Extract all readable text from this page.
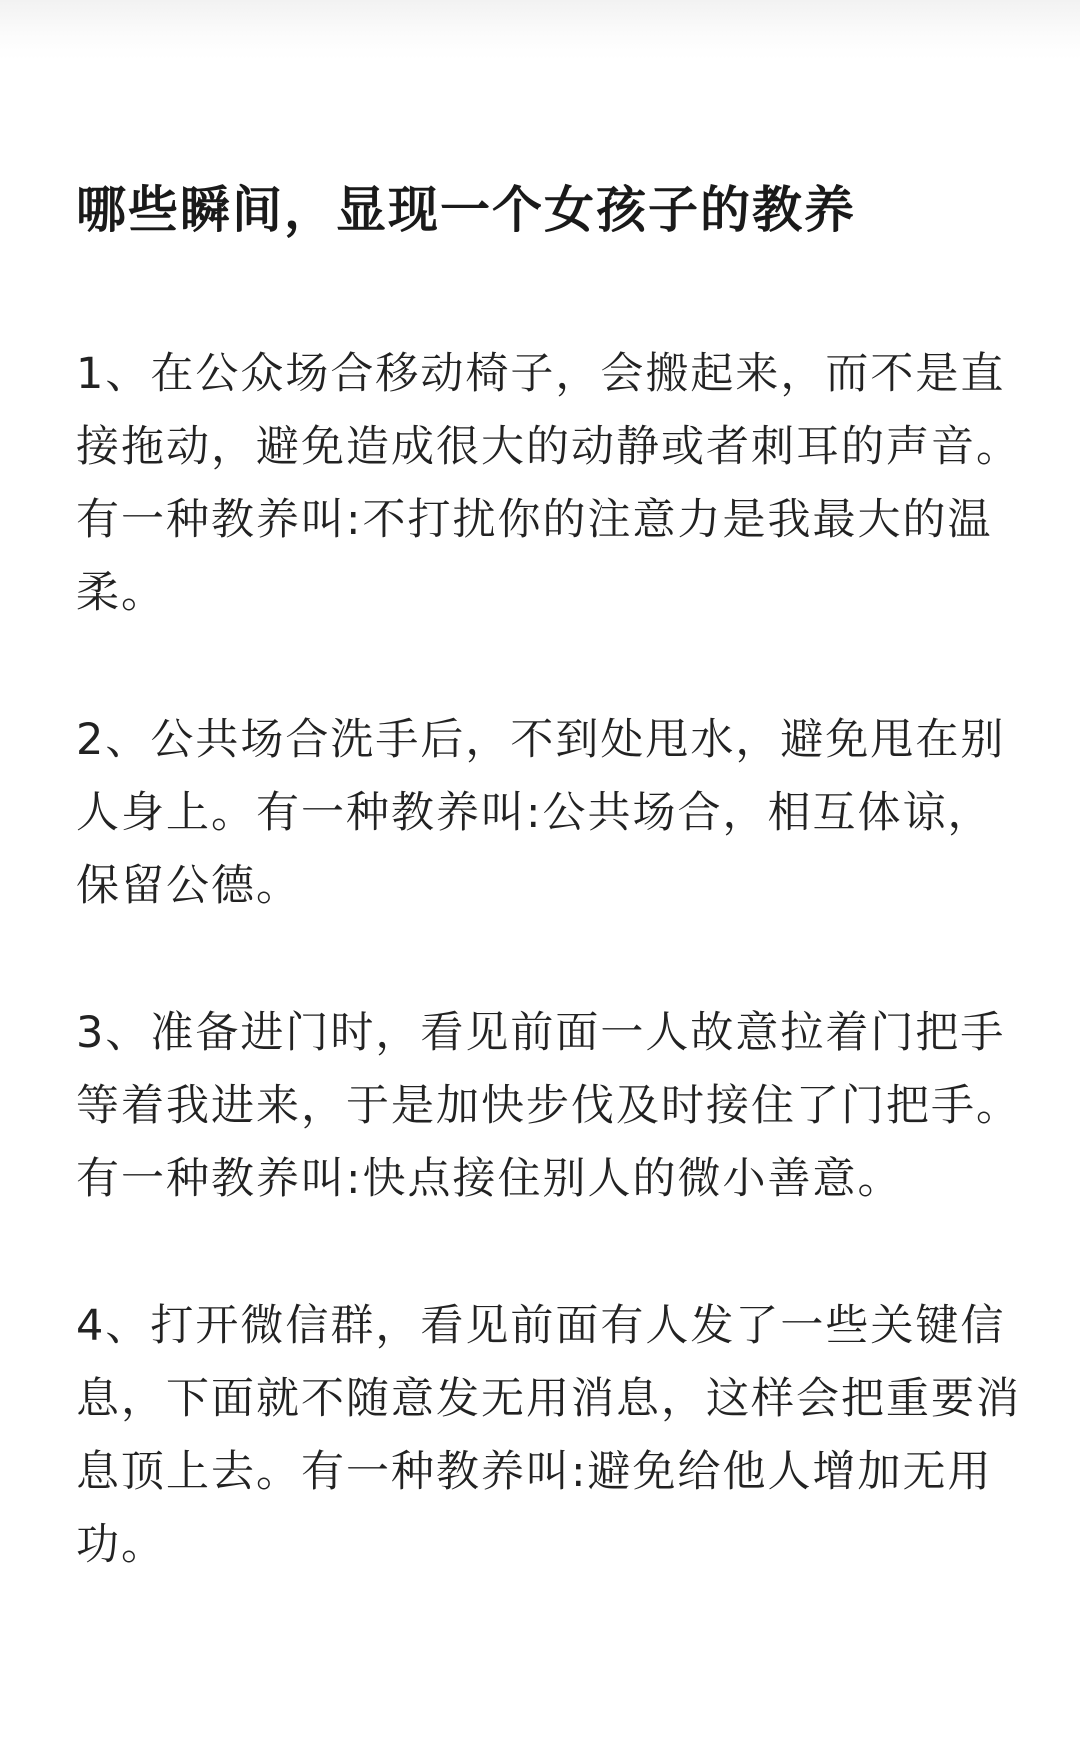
哪些瞬间，显现一个女孩子的教养

1、在公众场合移动椅子，会搬起来，而不是直接拖动，避免造成很大的动静或者刺耳的声音。有一种教养叫:不打扰你的注意力是我最大的温柔。

2、公共场合洗手后，不到处甩水，避免甩在别人身上。有一种教养叫:公共场合，相互体谅，保留公德。

3、准备进门时，看见前面一人故意拉着门把手等着我进来，于是加快步伐及时接住了门把手。有一种教养叫:快点接住别人的微小善意。

4、打开微信群，看见前面有人发了一些关键信息，下面就不随意发无用消息，这样会把重要消息顶上去。有一种教养叫:避免给他人增加无用功。
